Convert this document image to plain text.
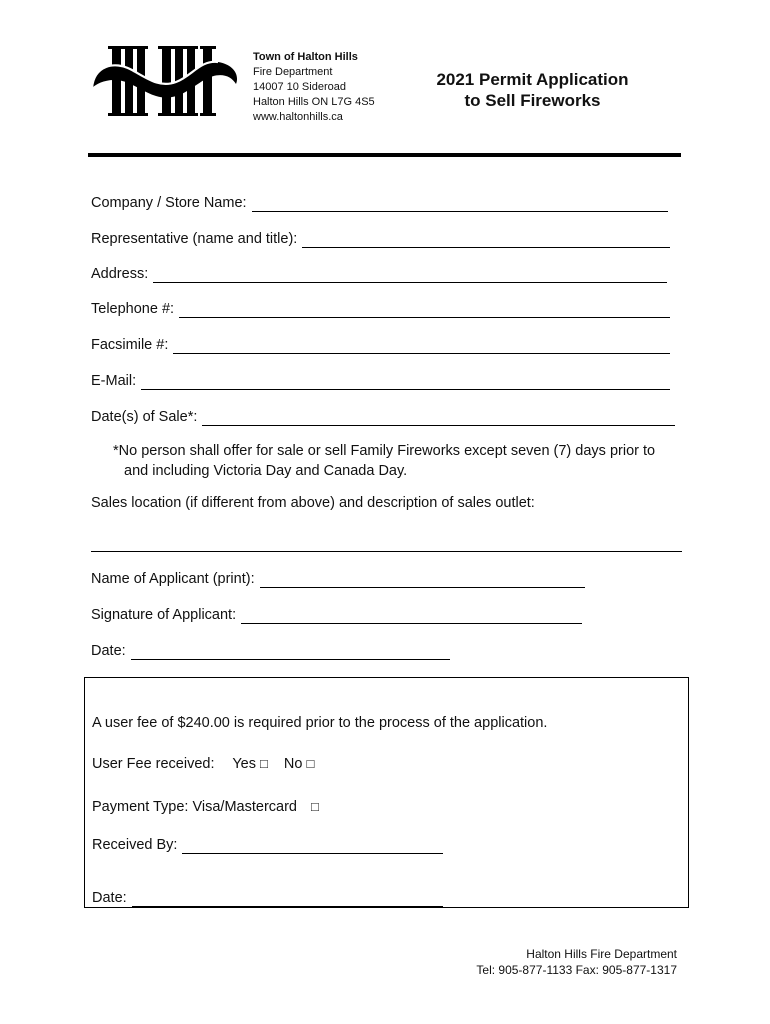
Town of Halton Hills
Fire Department
14007 10 Sideroad
Halton Hills ON L7G 4S5
www.haltonhills.ca
2021 Permit Application
to Sell Fireworks
Company / Store Name:
Representative (name and title):
Address:
Telephone #:
Facsimile #:
E-Mail:
Date(s) of Sale*:
*No person shall offer for sale or sell Family Fireworks except seven (7) days prior to
and including Victoria Day and Canada Day.
Sales location (if different from above) and description of sales outlet:
Name of Applicant (print):
Signature of Applicant:
Date:
A user fee of $240.00 is required prior to the process of the application.
User Fee received: Yes □ No □
Payment Type: Visa/Mastercard □
Received By:
Date:
Halton Hills Fire Department
Tel: 905-877-1133 Fax: 905-877-1317
